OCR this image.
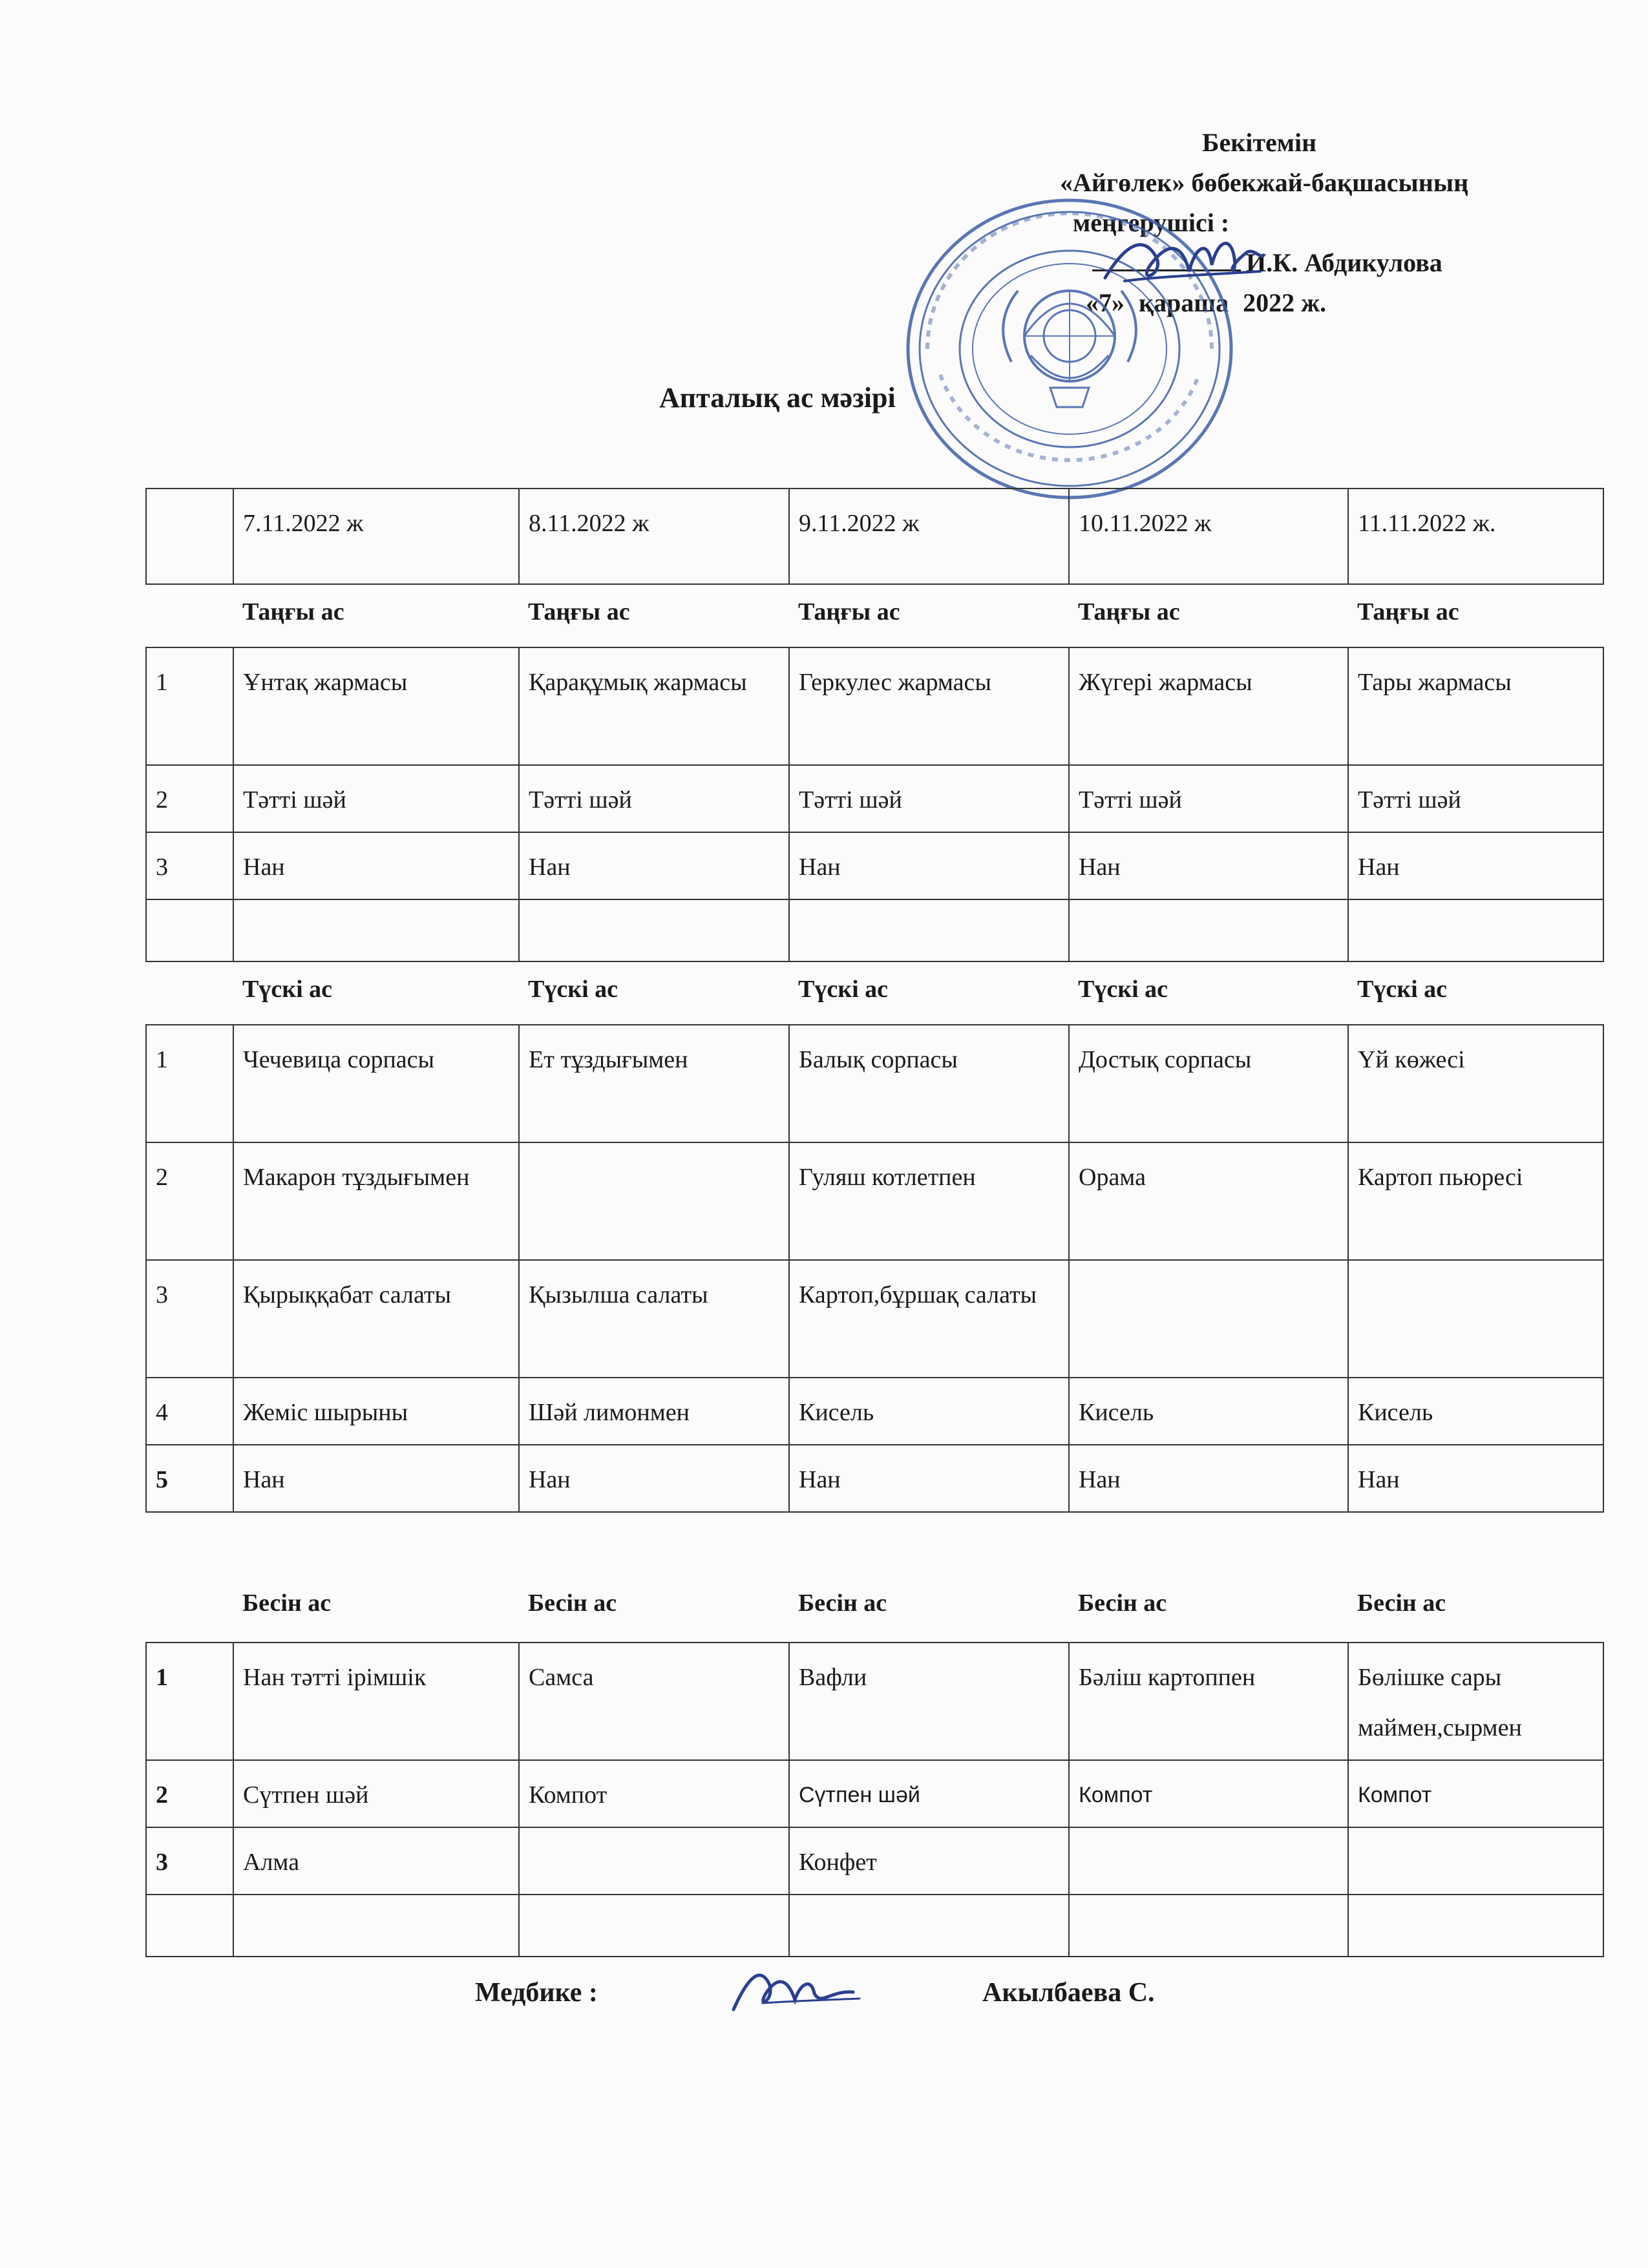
Бекітемін
«Айгөлек» бөбекжай-бақшасының
меңгерушісі :
И.К. Абдикулова
«7» қараша 2022 ж.
Апталық ас мәзірі
	7.11.2022 ж	8.11.2022 ж	9.11.2022 ж	10.11.2022 ж	11.11.2022 ж.
	Таңғы ас	Таңғы ас	Таңғы ас	Таңғы ас	Таңғы ас
1	Ұнтақ жармасы	Қарақұмық жармасы	Геркулес жармасы	Жүгері жармасы	Тары жармасы
2	Тәтті шәй	Тәтті шәй	Тәтті шәй	Тәтті шәй	Тәтті шәй
3	Нан	Нан	Нан	Нан	Нан

	Түскі ас	Түскі ас	Түскі ас	Түскі ас	Түскі ас
1	Чечевица сорпасы	Ет тұздығымен	Балық сорпасы	Достық сорпасы	Үй көжесі
2	Макарон тұздығымен		Гуляш котлетпен	Орама	Картоп пьюресі
3	Қырыққабат салаты	Қызылша салаты	Картоп,бұршақ салаты		
4	Жеміс шырыны	Шәй лимонмен	Кисель	Кисель	Кисель
5	Нан	Нан	Нан	Нан	Нан
	Бесін ас	Бесін ас	Бесін ас	Бесін ас	Бесін ас
1	Нан тәтті ірімшік	Самса	Вафли	Бәліш картоппен	Бөлішке сары маймен,сырмен
2	Сүтпен шәй	Компот	Сүтпен шәй	Компот	Компот
3	Алма		Конфет		

Медбике :	Акылбаева С.
